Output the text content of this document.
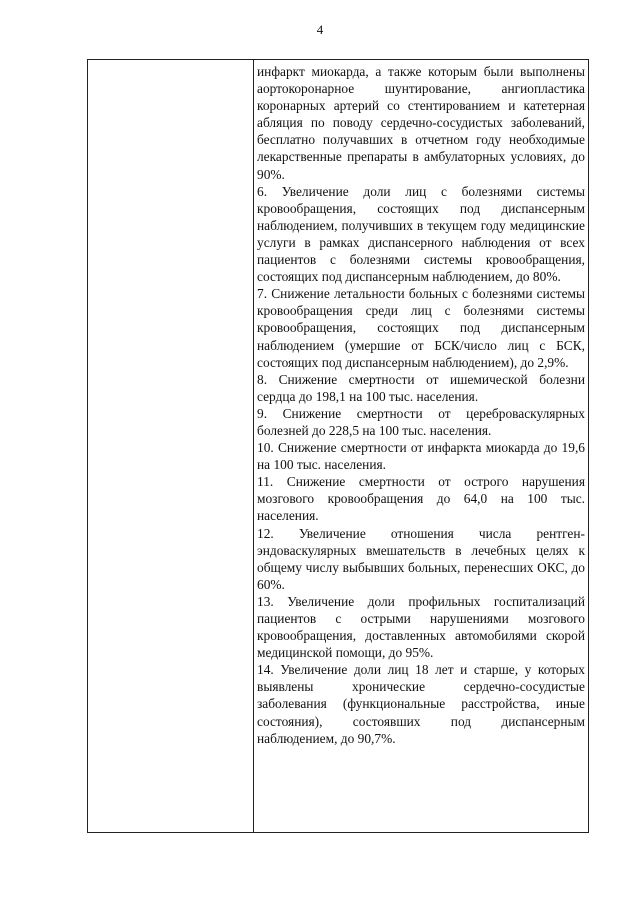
4

инфаркт миокарда, а также которым были выполнены аортокоронарное шунтирование, ангиопластика коронарных артерий со стентированием и катетерная абляция по поводу сердечно-сосудистых заболеваний, бесплатно получавших в отчетном году необходимые лекарственные препараты в амбулаторных условиях, до 90%.

6. Увеличение доли лиц с болезнями системы кровообращения, состоящих под диспансерным наблюдением, получивших в текущем году медицинские услуги в рамках диспансерного наблюдения от всех пациентов с болезнями системы кровообращения, состоящих под диспансерным наблюдением, до 80%.

7. Снижение летальности больных с болезнями системы кровообращения среди лиц с болезнями системы кровообращения, состоящих под диспансерным наблюдением (умершие от БСК/число лиц с БСК, состоящих под диспансерным наблюдением), до 2,9%.

8. Снижение смертности от ишемической болезни сердца до 198,1 на 100 тыс. населения.

9. Снижение смертности от цереброваскулярных болезней до 228,5 на 100 тыс. населения.

10. Снижение смертности от инфаркта миокарда до 19,6 на 100 тыс. населения.

11. Снижение смертности от острого нарушения мозгового кровообращения до 64,0 на 100 тыс. населения.

12. Увеличение отношения числа рентген-эндоваскулярных вмешательств в лечебных целях к общему числу выбывших больных, перенесших ОКС, до 60%.

13. Увеличение доли профильных госпитализаций пациентов с острыми нарушениями мозгового кровообращения, доставленных автомобилями скорой медицинской помощи, до 95%.

14. Увеличение доли лиц 18 лет и старше, у которых выявлены хронические сердечно-сосудистые заболевания (функциональные расстройства, иные состояния), состоявших под диспансерным наблюдением, до 90,7%.
